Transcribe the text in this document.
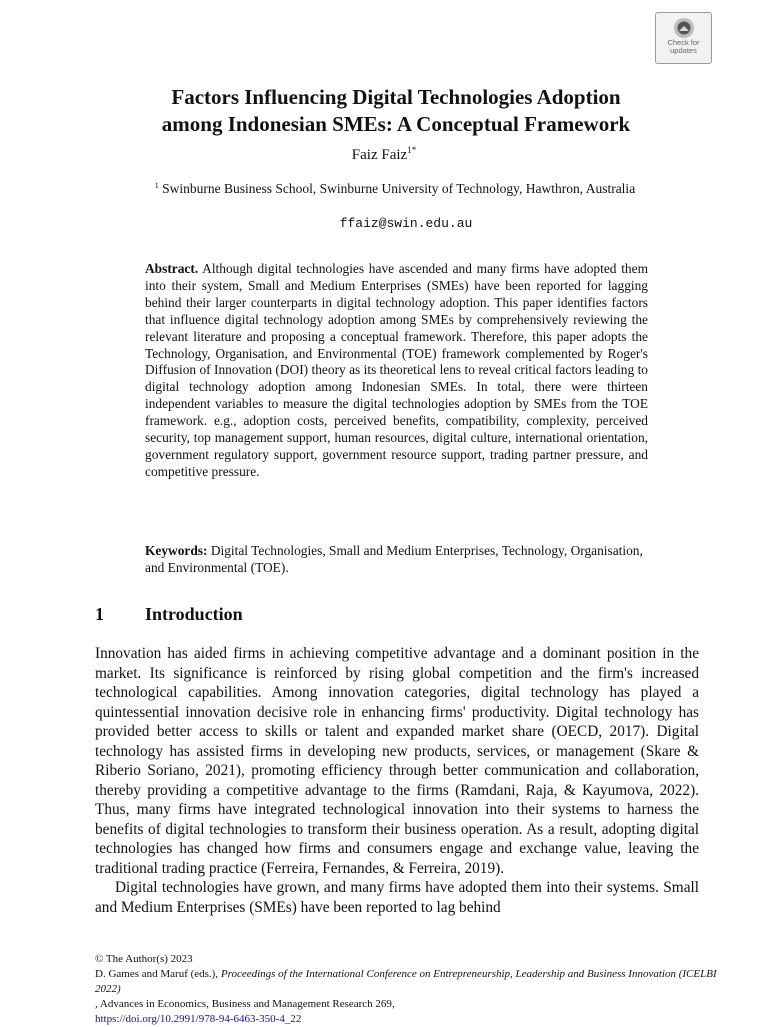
Check for
updates
Factors Influencing Digital Technologies Adoption
among Indonesian SMEs: A Conceptual Framework
Faiz Faiz$^{1*}$
$^1$ Swinburne Business School, Swinburne University of Technology, Hawthron, Australia
ffaiz@swin.edu.au
Abstract. Although digital technologies have ascended and many firms have adopted them into their system, Small and Medium Enterprises (SMEs) have been reported for lagging behind their larger counterparts in digital technology adoption. This paper identifies factors that influence digital technology adoption among SMEs by comprehensively reviewing the relevant literature and proposing a conceptual framework. Therefore, this paper adopts the Technology, Organisation, and Environmental (TOE) framework complemented by Roger's Diffusion of Innovation (DOI) theory as its theoretical lens to reveal critical factors leading to digital technology adoption among Indonesian SMEs. In total, there were thirteen independent variables to measure the digital technologies adoption by SMEs from the TOE framework. e.g., adoption costs, perceived benefits, compatibility, complexity, perceived security, top management support, human resources, digital culture, international orientation, government regulatory support, government resource support, trading partner pressure, and competitive pressure.
Keywords: Digital Technologies, Small and Medium Enterprises, Technology, Organisation, and Environmental (TOE).
1 Introduction

Innovation has aided firms in achieving competitive advantage and a dominant position in the market. Its significance is reinforced by rising global competition and the firm's increased technological capabilities. Among innovation categories, digital technology has played a quintessential innovation decisive role in enhancing firms' productivity. Digital technology has provided better access to skills or talent and expanded market share (OECD, 2017). Digital technology has assisted firms in developing new products, services, or management (Skare & Riberio Soriano, 2021), promoting efficiency through better communication and collaboration, thereby providing a competitive advantage to the firms (Ramdani, Raja, & Kayumova, 2022). Thus, many firms have integrated technological innovation into their systems to harness the benefits of digital technologies to transform their business operation. As a result, adopting digital technologies has changed how firms and consumers engage and exchange value, leaving the traditional trading practice (Ferreira, Fernandes, & Ferreira, 2019).

Digital technologies have grown, and many firms have adopted them into their systems. Small and Medium Enterprises (SMEs) have been reported to lag behind

© The Author(s) 2023
D. Games and Maruf (eds.), Proceedings of the International Conference on Entrepreneurship, Leadership and Business Innovation (ICELBI 2022)
, Advances in Economics, Business and Management Research 269,
https://doi.org/10.2991/978-94-6463-350-4_22
